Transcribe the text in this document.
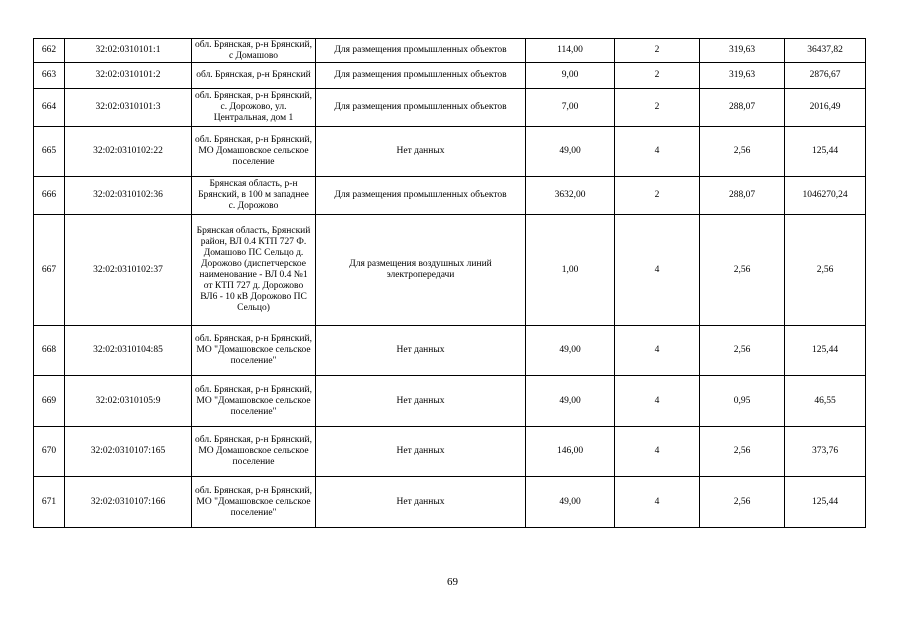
662	32:02:0310101:1	обл. Брянская, р-н Брянский, с Домашово	Для размещения промышленных объектов	114,00	2	319,63	36437,82
663	32:02:0310101:2	обл. Брянская, р-н Брянский	Для размещения промышленных объектов	9,00	2	319,63	2876,67
664	32:02:0310101:3	обл. Брянская, р-н Брянский, с. Дорожово, ул. Центральная, дом 1	Для размещения промышленных объектов	7,00	2	288,07	2016,49
665	32:02:0310102:22	обл. Брянская, р-н Брянский, МО Домашовское сельское поселение	Нет данных	49,00	4	2,56	125,44
666	32:02:0310102:36	Брянская область, р-н Брянский, в 100 м западнее с. Дорожово	Для размещения промышленных объектов	3632,00	2	288,07	1046270,24
667	32:02:0310102:37	Брянская область, Брянский район, ВЛ 0.4 КТП 727 Ф. Домашово ПС Сельцо д. Дорожово (диспетчерское наименование - ВЛ 0.4 №1 от КТП 727 д. Дорожово ВЛ6 - 10 кВ Дорожово ПС Сельцо)	Для размещения воздушных линий электропередачи	1,00	4	2,56	2,56
668	32:02:0310104:85	обл. Брянская, р-н Брянский, МО "Домашовское сельское поселение"	Нет данных	49,00	4	2,56	125,44
669	32:02:0310105:9	обл. Брянская, р-н Брянский, МО "Домашовское сельское поселение"	Нет данных	49,00	4	0,95	46,55
670	32:02:0310107:165	обл. Брянская, р-н Брянский, МО Домашовское сельское поселение	Нет данных	146,00	4	2,56	373,76
671	32:02:0310107:166	обл. Брянская, р-н Брянский, МО "Домашовское сельское поселение"	Нет данных	49,00	4	2,56	125,44
69
